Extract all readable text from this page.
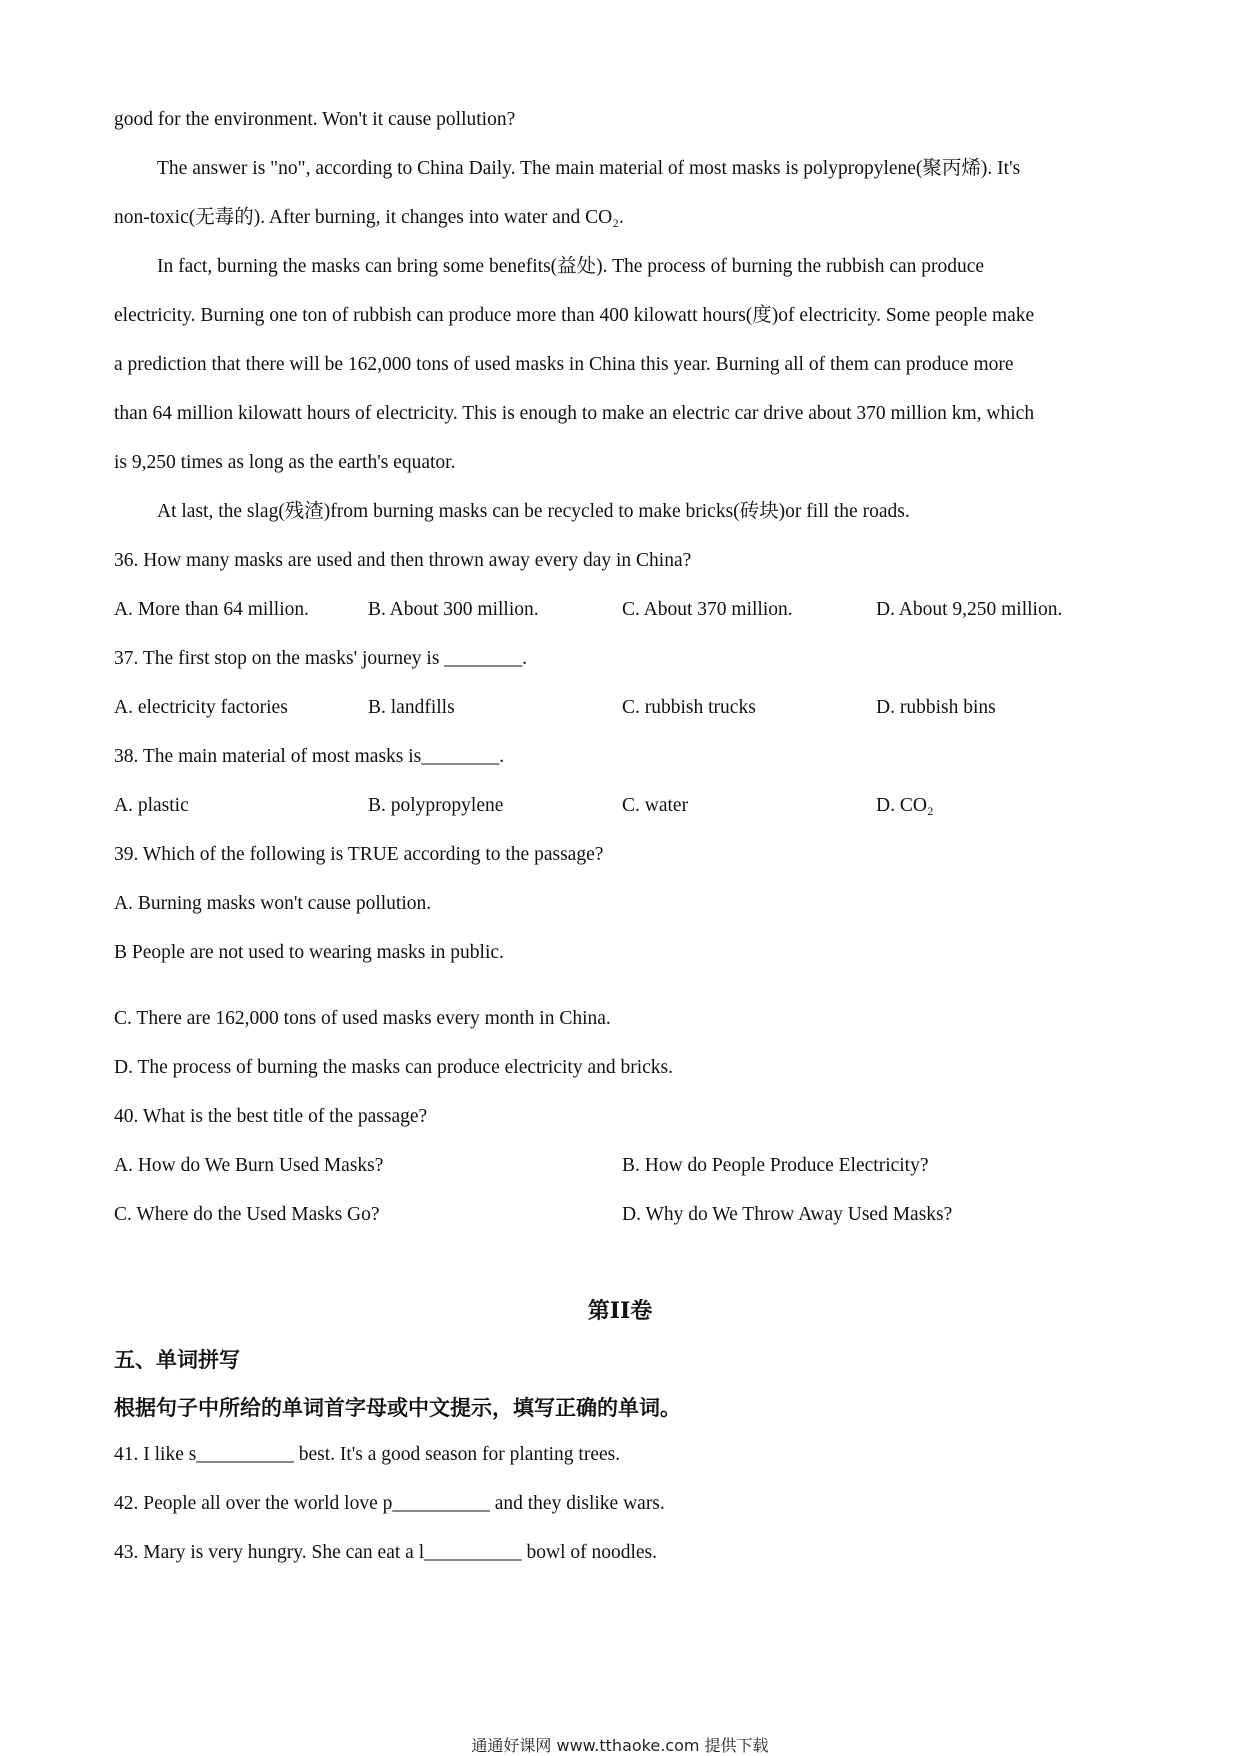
good for the environment. Won't it cause pollution?
The answer is "no", according to China Daily. The main material of most masks is polypropylene(聚丙烯). It's
non-toxic(无毒的). After burning, it changes into water and CO₂.
In fact, burning the masks can bring some benefits(益处). The process of burning the rubbish can produce
electricity. Burning one ton of rubbish can produce more than 400 kilowatt hours(度)of electricity. Some people make
a prediction that there will be 162,000 tons of used masks in China this year. Burning all of them can produce more
than 64 million kilowatt hours of electricity. This is enough to make an electric car drive about 370 million km, which
is 9,250 times as long as the earth's equator.
At last, the slag(残渣)from burning masks can be recycled to make bricks(砖块)or fill the roads.
36. How many masks are used and then thrown away every day in China?
A. More than 64 million.	B. About 300 million.	C. About 370 million.	D. About 9,250 million.
37. The first stop on the masks' journey is ________.
A. electricity factories	B. landfills	C. rubbish trucks	D. rubbish bins
38. The main material of most masks is________.
A. plastic	B. polypropylene	C. water	D. CO₂
39. Which of the following is TRUE according to the passage?
A. Burning masks won't cause pollution.
B People are not used to wearing masks in public.
C. There are 162,000 tons of used masks every month in China.
D. The process of burning the masks can produce electricity and bricks.
40. What is the best title of the passage?
A. How do We Burn Used Masks?	B. How do People Produce Electricity?
C. Where do the Used Masks Go?	D. Why do We Throw Away Used Masks?
第II卷
五、单词拼写
根据句子中所给的单词首字母或中文提示，填写正确的单词。
41. I like s__________ best. It's a good season for planting trees.
42. People all over the world love p__________ and they dislike wars.
43. Mary is very hungry. She can eat a l__________ bowl of noodles.
通通好课网 www.tthaoke.com 提供下载
